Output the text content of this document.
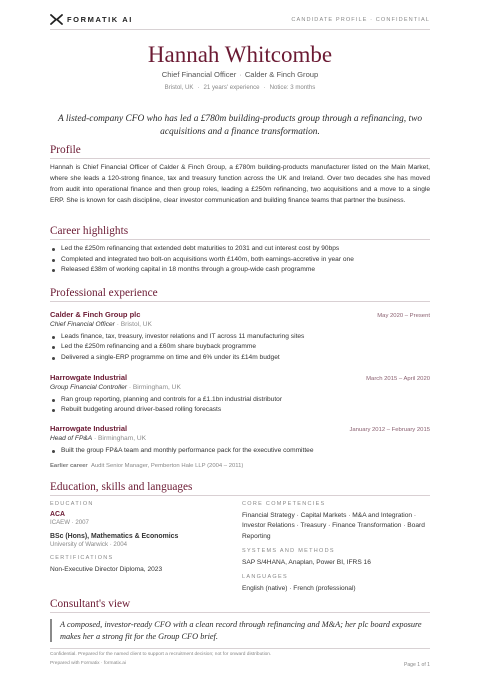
FORMATIK AI	CANDIDATE PROFILE · CONFIDENTIAL
Hannah Whitcombe
Chief Financial Officer · Calder & Finch Group
Bristol, UK · 21 years' experience · Notice: 3 months
A listed-company CFO who has led a £780m building-products group through a refinancing, two acquisitions and a finance transformation.
Profile
Hannah is Chief Financial Officer of Calder & Finch Group, a £780m building-products manufacturer listed on the Main Market, where she leads a 120-strong finance, tax and treasury function across the UK and Ireland. Over two decades she has moved from audit into operational finance and then group roles, leading a £250m refinancing, two acquisitions and a move to a single ERP. She is known for cash discipline, clear investor communication and building finance teams that partner the business.
Career highlights
Led the £250m refinancing that extended debt maturities to 2031 and cut interest cost by 90bps
Completed and integrated two bolt-on acquisitions worth £140m, both earnings-accretive in year one
Released £38m of working capital in 18 months through a group-wide cash programme
Professional experience
Calder & Finch Group plc	May 2020 – Present
Chief Financial Officer · Bristol, UK
Leads finance, tax, treasury, investor relations and IT across 11 manufacturing sites
Led the £250m refinancing and a £60m share buyback programme
Delivered a single-ERP programme on time and 6% under its £14m budget
Harrowgate Industrial	March 2015 – April 2020
Group Financial Controller · Birmingham, UK
Ran group reporting, planning and controls for a £1.1bn industrial distributor
Rebuilt budgeting around driver-based rolling forecasts
Harrowgate Industrial	January 2012 – February 2015
Head of FP&A · Birmingham, UK
Built the group FP&A team and monthly performance pack for the executive committee
Earlier career Audit Senior Manager, Pemberton Hale LLP (2004 – 2011)
Education, skills and languages
EDUCATION
ACA
ICAEW · 2007
BSc (Hons), Mathematics & Economics
University of Warwick · 2004
CERTIFICATIONS
Non-Executive Director Diploma, 2023
CORE COMPETENCIES
Financial Strategy · Capital Markets · M&A and Integration · Investor Relations · Treasury · Finance Transformation · Board Reporting
SYSTEMS AND METHODS
SAP S/4HANA, Anaplan, Power BI, IFRS 16
LANGUAGES
English (native) · French (professional)
Consultant's view
A composed, investor-ready CFO with a clean record through refinancing and M&A; her plc board exposure makes her a strong fit for the Group CFO brief.
Confidential. Prepared for the named client to support a recruitment decision; not for onward distribution.
Prepared with Formatix · formatix.ai	Page 1 of 1
